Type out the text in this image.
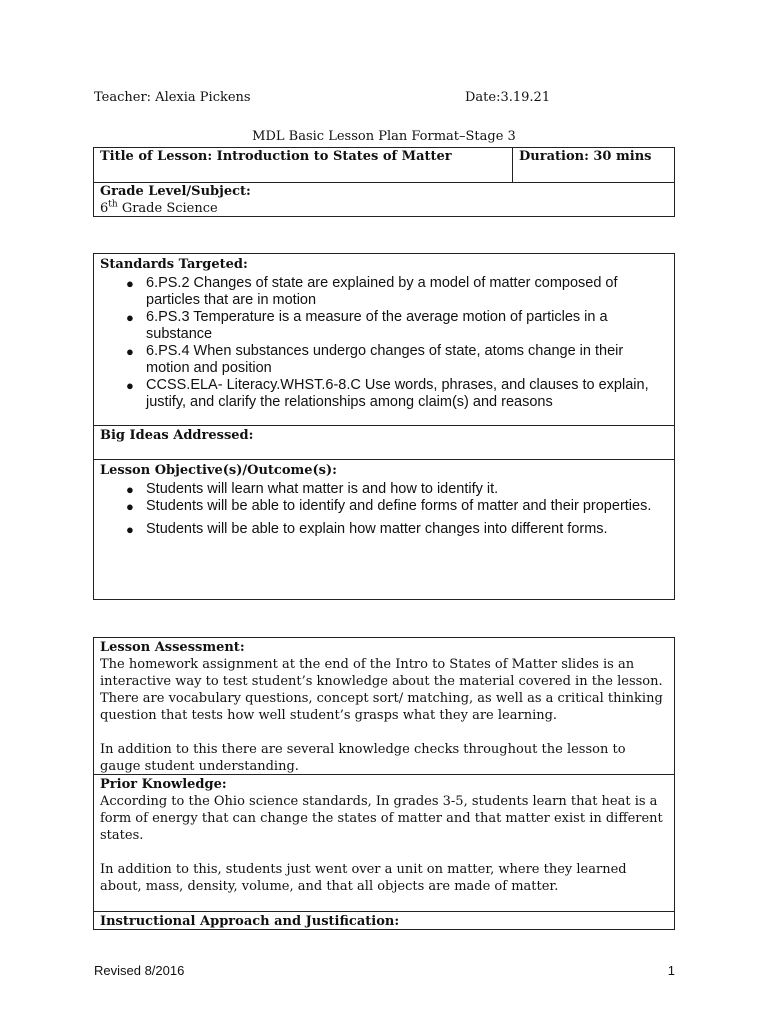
Teacher: Alexia Pickens	Date:3.19.21
MDL Basic Lesson Plan Format–Stage 3
Title of Lesson: Introduction to States of Matter	Duration: 30 mins
Grade Level/Subject:
6th Grade Science
Standards Targeted:
● 6.PS.2 Changes of state are explained by a model of matter composed of particles that are in motion
● 6.PS.3 Temperature is a measure of the average motion of particles in a substance
● 6.PS.4 When substances undergo changes of state, atoms change in their motion and position
● CCSS.ELA- Literacy.WHST.6-8.C Use words, phrases, and clauses to explain, justify, and clarify the relationships among claim(s) and reasons
Big Ideas Addressed:
Lesson Objective(s)/Outcome(s):
● Students will learn what matter is and how to identify it.
● Students will be able to identify and define forms of matter and their properties.
● Students will be able to explain how matter changes into different forms.
Lesson Assessment:
The homework assignment at the end of the Intro to States of Matter slides is an interactive way to test student’s knowledge about the material covered in the lesson. There are vocabulary questions, concept sort/ matching, as well as a critical thinking question that tests how well student’s grasps what they are learning.
In addition to this there are several knowledge checks throughout the lesson to gauge student understanding.
Prior Knowledge:
According to the Ohio science standards, In grades 3-5, students learn that heat is a form of energy that can change the states of matter and that matter exist in different states.
In addition to this, students just went over a unit on matter, where they learned about, mass, density, volume, and that all objects are made of matter.
Instructional Approach and Justification:
Revised 8/2016	1
